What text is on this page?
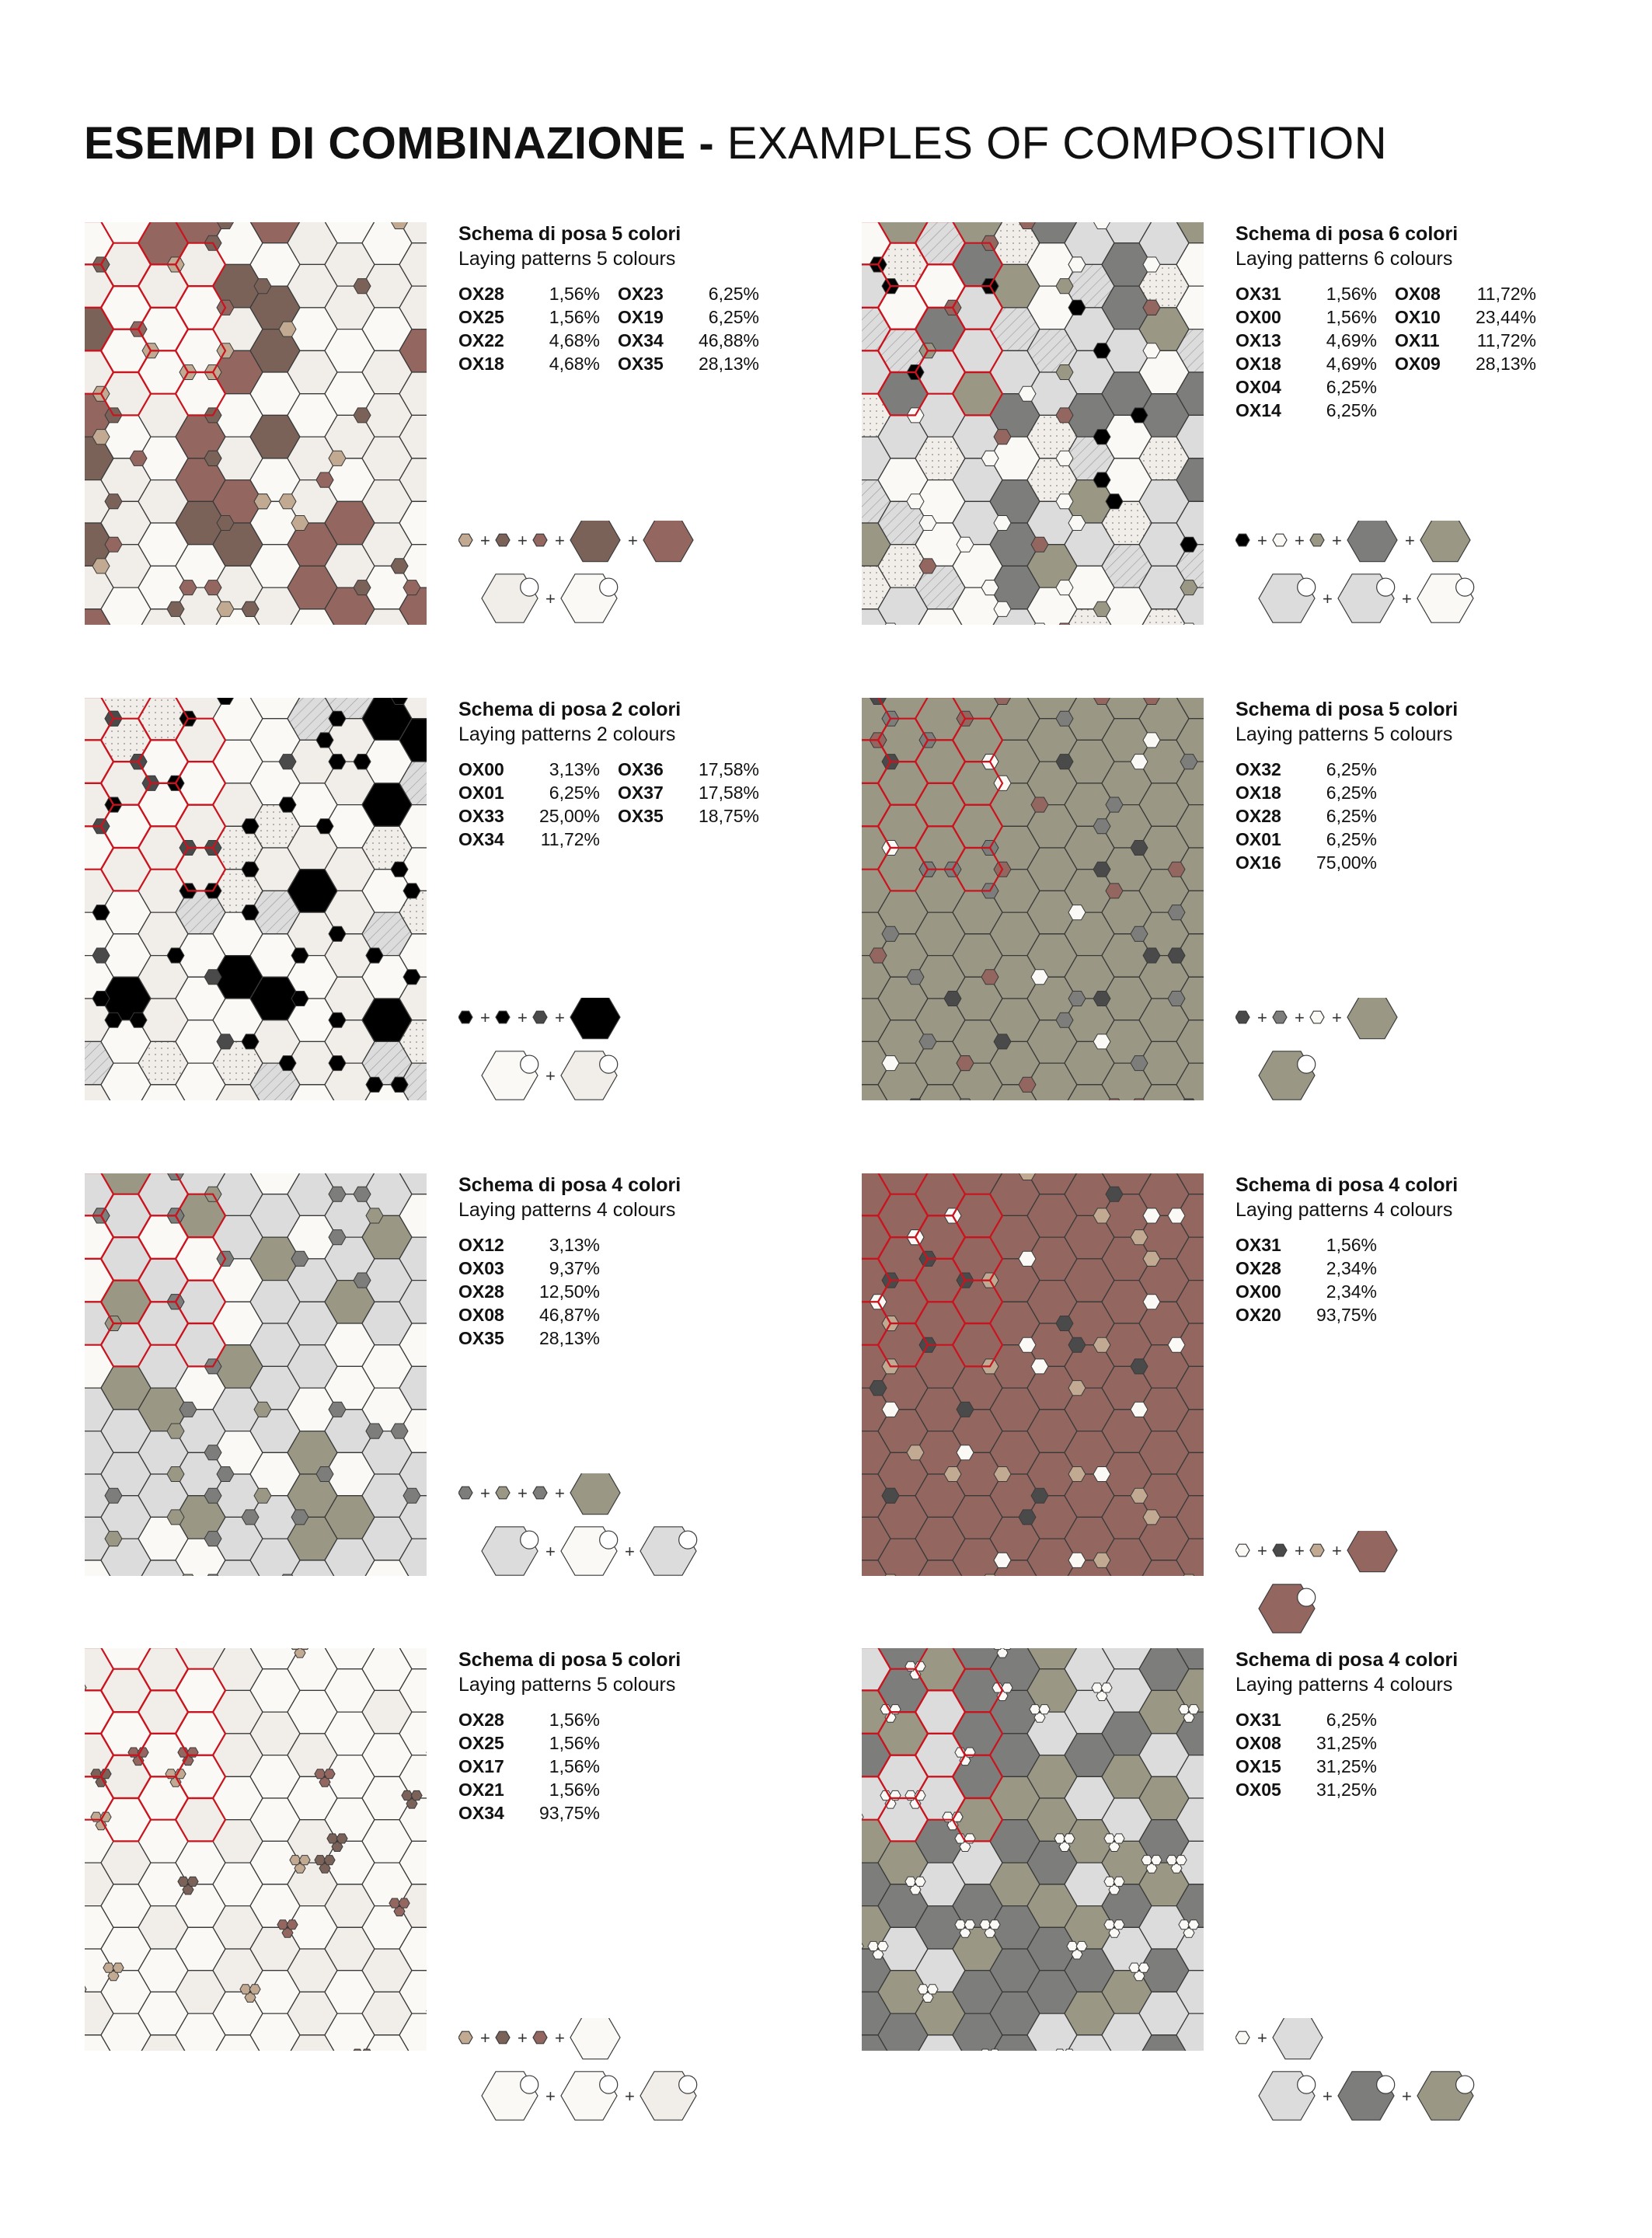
ESEMPI DI COMBINAZIONE - EXAMPLES OF COMPOSITION
Schema di posa 5 colori
Laying patterns 5 colours
OX28	1,56%	OX23	6,25%
OX25	1,56%	OX19	6,25%
OX22	4,68%	OX34 46,88%
OX18	4,68%	OX35 28,13%
+ + +	+
+
Schema di posa 6 colori
Laying patterns 6 colours
OX31	1,56%	OX08 11,72%
OX00	1,56%	OX10 23,44%
OX13	4,69%	OX11 11,72%
OX18	4,69%	OX09 28,13%
OX04	6,25%
OX14	6,25%
+ + +	+
+	+
Schema di posa 2 colori
Laying patterns 2 colours
OX00	3,13%	OX36 17,58%
OX01	6,25%	OX37 17,58%
OX33 25,00%	OX35 18,75%
OX34 11,72%
+ + +
+
Schema di posa 5 colori
Laying patterns 5 colours
OX32	6,25%
OX18	6,25%
OX28	6,25%
OX01	6,25%
OX16 75,00%
+ + +
Schema di posa 4 colori
Laying patterns 4 colours
OX12	3,13%
OX03	9,37%
OX28 12,50%
OX08 46,87%
OX35 28,13%
+ + +
+	+
Schema di posa 4 colori
Laying patterns 4 colours
OX31	1,56%
OX28	2,34%
OX00	2,34%
OX20 93,75%
+ + +
Schema di posa 5 colori
Laying patterns 5 colours
OX28	1,56%
OX25	1,56%
OX17	1,56%
OX21	1,56%
OX34 93,75%
+ + +
+	+
Schema di posa 4 colori
Laying patterns 4 colours
OX31	6,25%
OX08 31,25%
OX15 31,25%
OX05 31,25%
+
+	+
